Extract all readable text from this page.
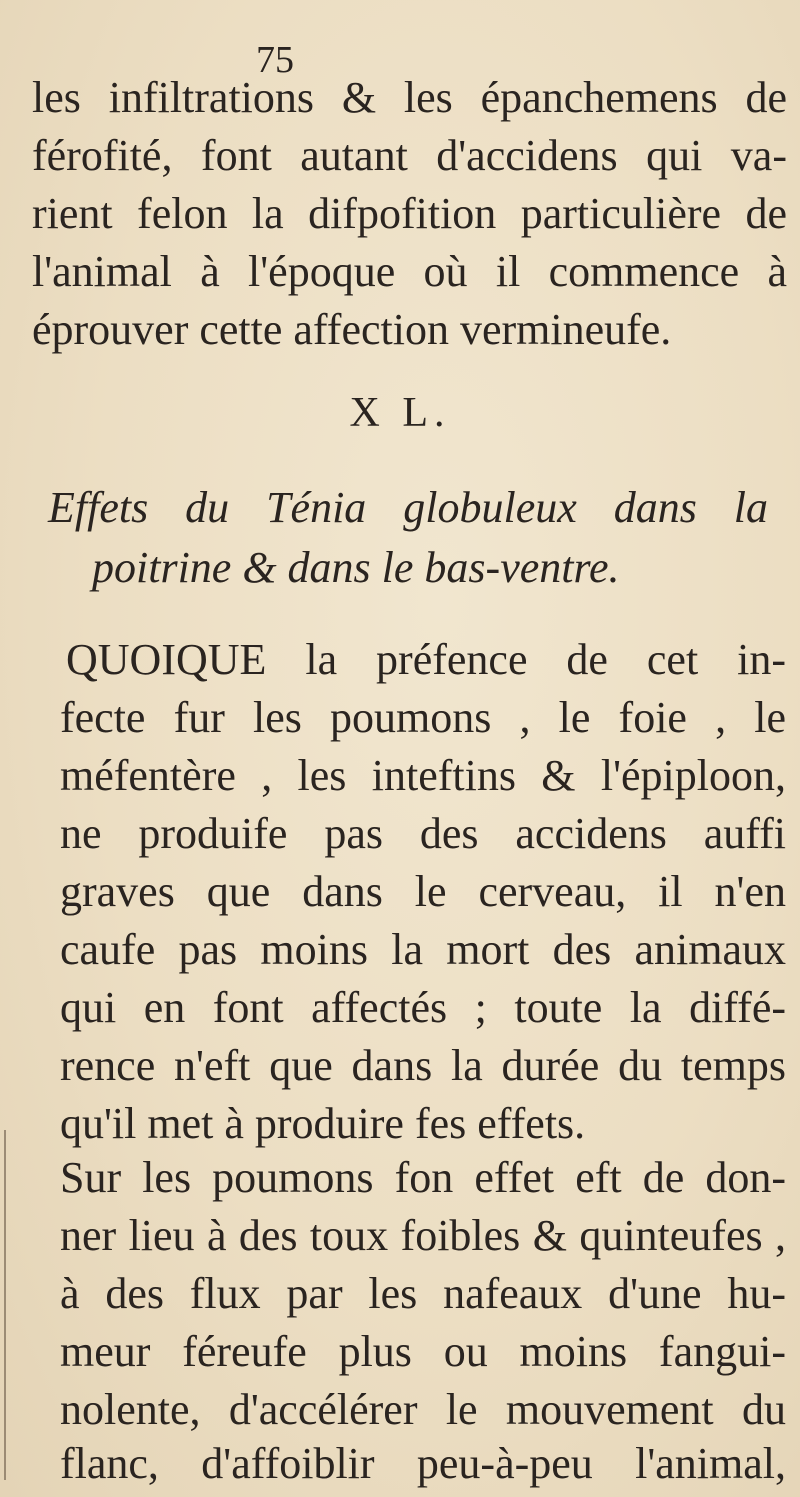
75
les infiltrations & les épanchemens de
férofité, font autant d'accidens qui va-
rient felon la difpofition particulière de
l'animal à l'époque où il commence à
éprouver cette affection vermineufe.
X L.
Effets du Ténia globuleux dans la
poitrine & dans le bas-ventre.
QUOIQUE la préfence de cet in-
fecte fur les poumons , le foie , le
méfentère , les inteftins & l'épiploon,
ne produife pas des accidens auffi
graves que dans le cerveau, il n'en
caufe pas moins la mort des animaux
qui en font affectés ; toute la diffé-
rence n'eft que dans la durée du temps
qu'il met à produire fes effets.
Sur les poumons fon effet eft de don-
ner lieu à des toux foibles & quinteufes ,
à des flux par les nafeaux d'une hu-
meur féreufe plus ou moins fangui-
nolente, d'accélérer le mouvement du
flanc, d'affoiblir peu-à-peu l'animal,
